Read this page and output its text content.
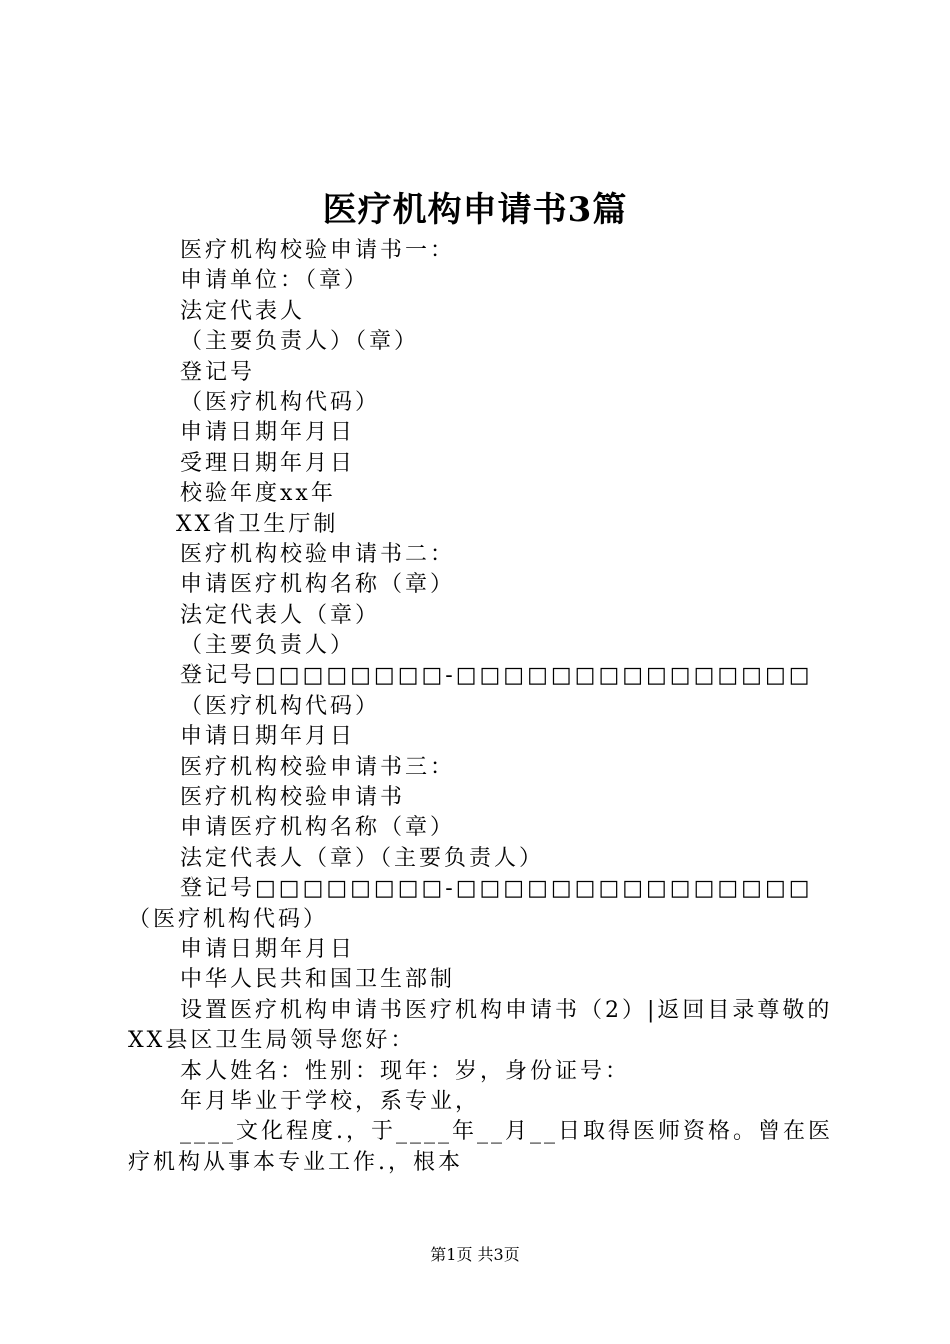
医疗机构申请书3篇
医疗机构校验申请书一：
申请单位：（章）
法定代表人
（主要负责人）（章）
登记号
（医疗机构代码）
申请日期年月日
受理日期年月日
校验年度xx年
XX省卫生厅制
医疗机构校验申请书二：
申请医疗机构名称（章）
法定代表人（章）
（主要负责人）
登记号□□□□□□□□-□□□□□□□□□□□□□□□
（医疗机构代码）
申请日期年月日
医疗机构校验申请书三：
医疗机构校验申请书
申请医疗机构名称（章）
法定代表人（章）（主要负责人）
登记号□□□□□□□□-□□□□□□□□□□□□□□□
（医疗机构代码）
申请日期年月日
中华人民共和国卫生部制
设置医疗机构申请书医疗机构申请书（2）|返回目录尊敬的
XX县区卫生局领导您好：
本人姓名：性别：现年：岁，身份证号：
年月毕业于学校，系专业，
____文化程度.，于____年__月__日取得医师资格。曾在医
疗机构从事本专业工作.，根本
第1页 共3页
